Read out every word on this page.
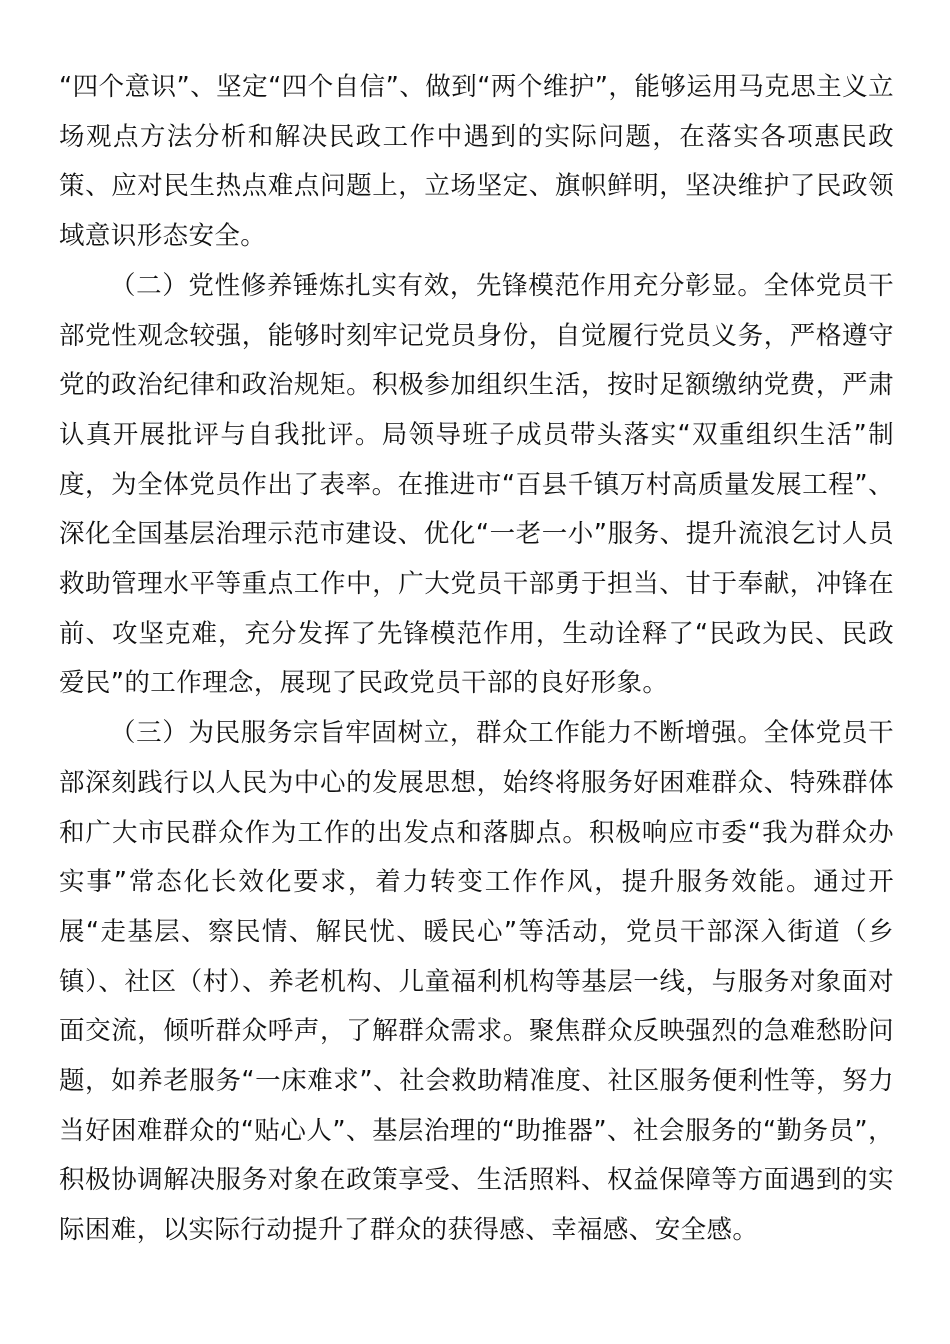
“四个意识”、坚定“四个自信”、做到“两个维护”，能够运用马克思主义立场观点方法分析和解决民政工作中遇到的实际问题，在落实各项惠民政策、应对民生热点难点问题上，立场坚定、旗帜鲜明，坚决维护了民政领域意识形态安全。

（二）党性修养锤炼扎实有效，先锋模范作用充分彰显。全体党员干部党性观念较强，能够时刻牢记党员身份，自觉履行党员义务，严格遵守党的政治纪律和政治规矩。积极参加组织生活，按时足额缴纳党费，严肃认真开展批评与自我批评。局领导班子成员带头落实“双重组织生活”制度，为全体党员作出了表率。在推进市“百县千镇万村高质量发展工程”、深化全国基层治理示范市建设、优化“一老一小”服务、提升流浪乞讨人员救助管理水平等重点工作中，广大党员干部勇于担当、甘于奉献，冲锋在前、攻坚克难，充分发挥了先锋模范作用，生动诠释了“民政为民、民政爱民”的工作理念，展现了民政党员干部的良好形象。

（三）为民服务宗旨牢固树立，群众工作能力不断增强。全体党员干部深刻践行以人民为中心的发展思想，始终将服务好困难群众、特殊群体和广大市民群众作为工作的出发点和落脚点。积极响应市委“我为群众办实事”常态化长效化要求，着力转变工作作风，提升服务效能。通过开展“走基层、察民情、解民忧、暖民心”等活动，党员干部深入街道（乡镇）、社区（村）、养老机构、儿童福利机构等基层一线，与服务对象面对面交流，倾听群众呼声，了解群众需求。聚焦群众反映强烈的急难愁盼问题，如养老服务“一床难求”、社会救助精准度、社区服务便利性等，努力当好困难群众的“贴心人”、基层治理的“助推器”、社会服务的“勤务员”，积极协调解决服务对象在政策享受、生活照料、权益保障等方面遇到的实际困难，以实际行动提升了群众的获得感、幸福感、安全感。
